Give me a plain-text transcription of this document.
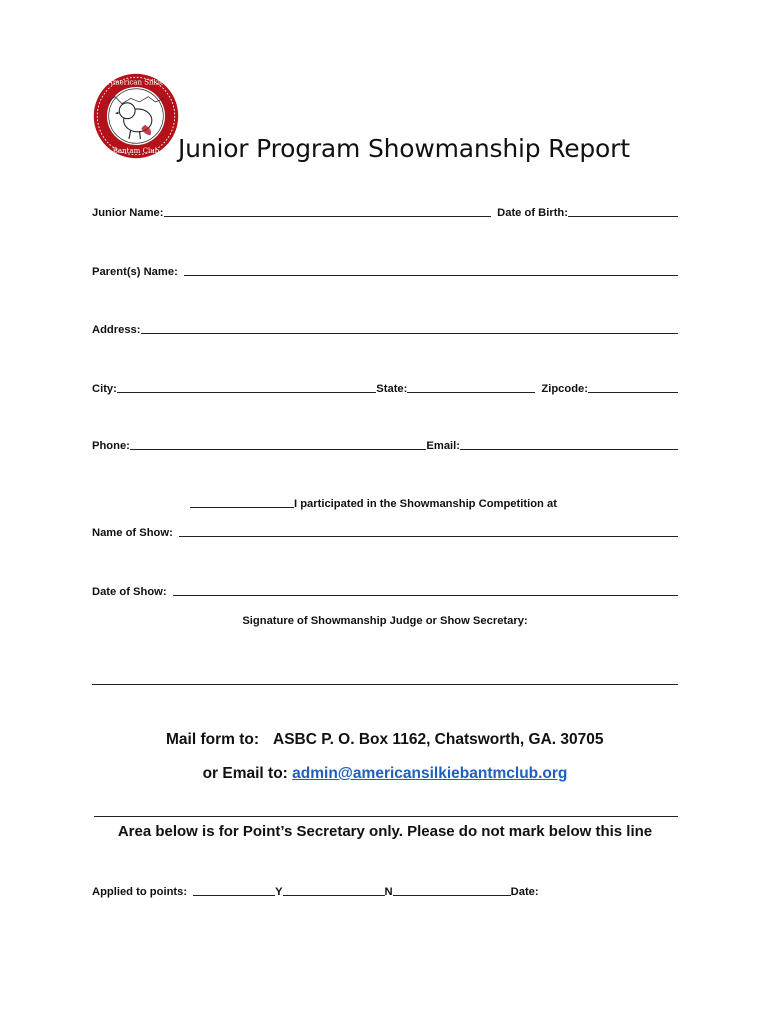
American Silkie
Bantam Club Junior Program Showmanship Report
Junior Name:	Date of Birth:
Parent(s) Name:
Address:
City:	State:	Zipcode:
Phone:	Email:
I participated in the Showmanship Competition at
Name of Show:
Date of Show:
Signature of Showmanship Judge or Show Secretary:
Mail form to: ASBC P. O. Box 1162, Chatsworth, GA. 30705
or Email to: admin@americansilkiebantmclub.org
Area below is for Point’s Secretary only. Please do not mark below this line
Applied to points:	Y	N	Date:
